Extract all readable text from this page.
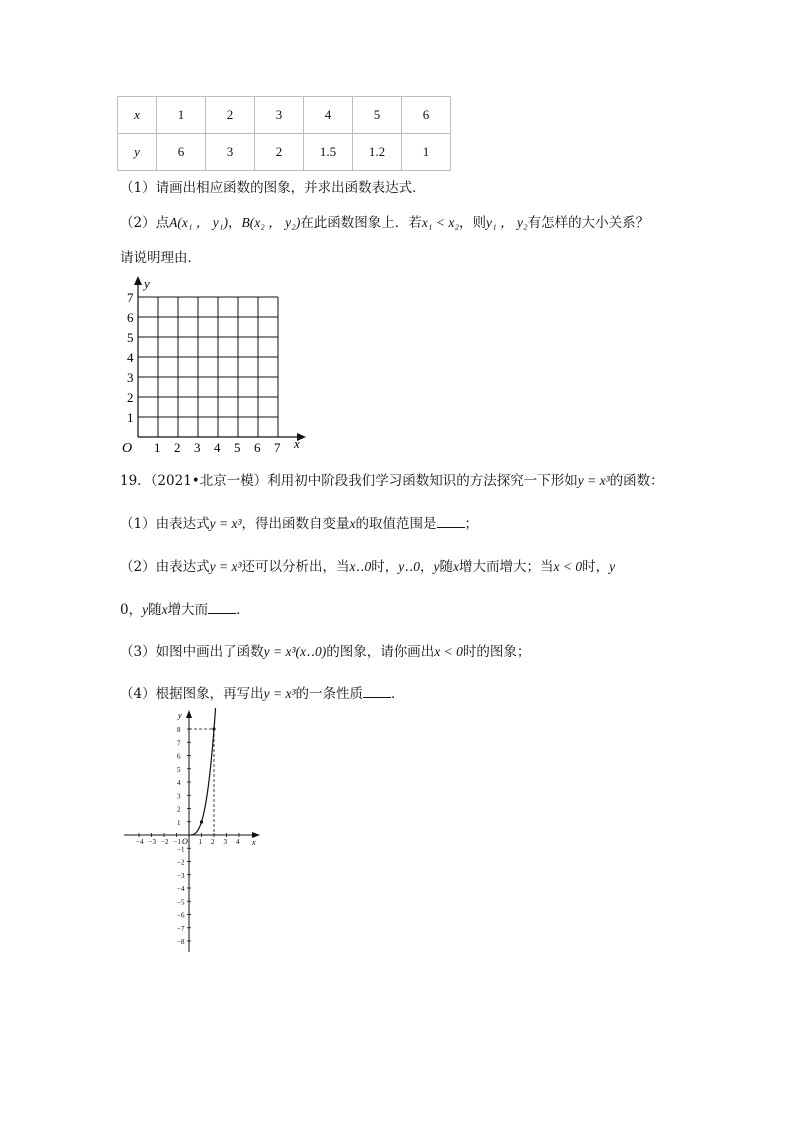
x	1	2	3	4	5	6
y	6	3	2	1.5	1.2	1
（1）请画出相应函数的图象，并求出函数表达式．
（2）点A(x₁ ， y₁)，B(x₂ ， y₂)在此函数图象上．若x₁ < x₂，则y₁ ， y₂有怎样的大小关系？
请说明理由．
1
2
3
4
5
6
7
1 2 3 4 5 6 7
O	x
y
19．（2021•北京一模）利用初中阶段我们学习函数知识的方法探究一下形如y = x³的函数：
（1）由表达式y = x³，得出函数自变量x的取值范围是 ；
（2）由表达式y = x³还可以分析出，当x‥0时，y‥0，y随x增大而增大；当x < 0时，y
0，y随x增大而 ．
（3）如图中画出了函数y = x³(x‥0)的图象，请你画出x < 0时的图象；
（4）根据图象，再写出y = x³的一条性质 ．
−4 −3 −2 −1	1 2 3 4
8
7
6
5
4
3
2
1
−1
−2
−3
−4
−5
−6
−7
−8
O	x
y
